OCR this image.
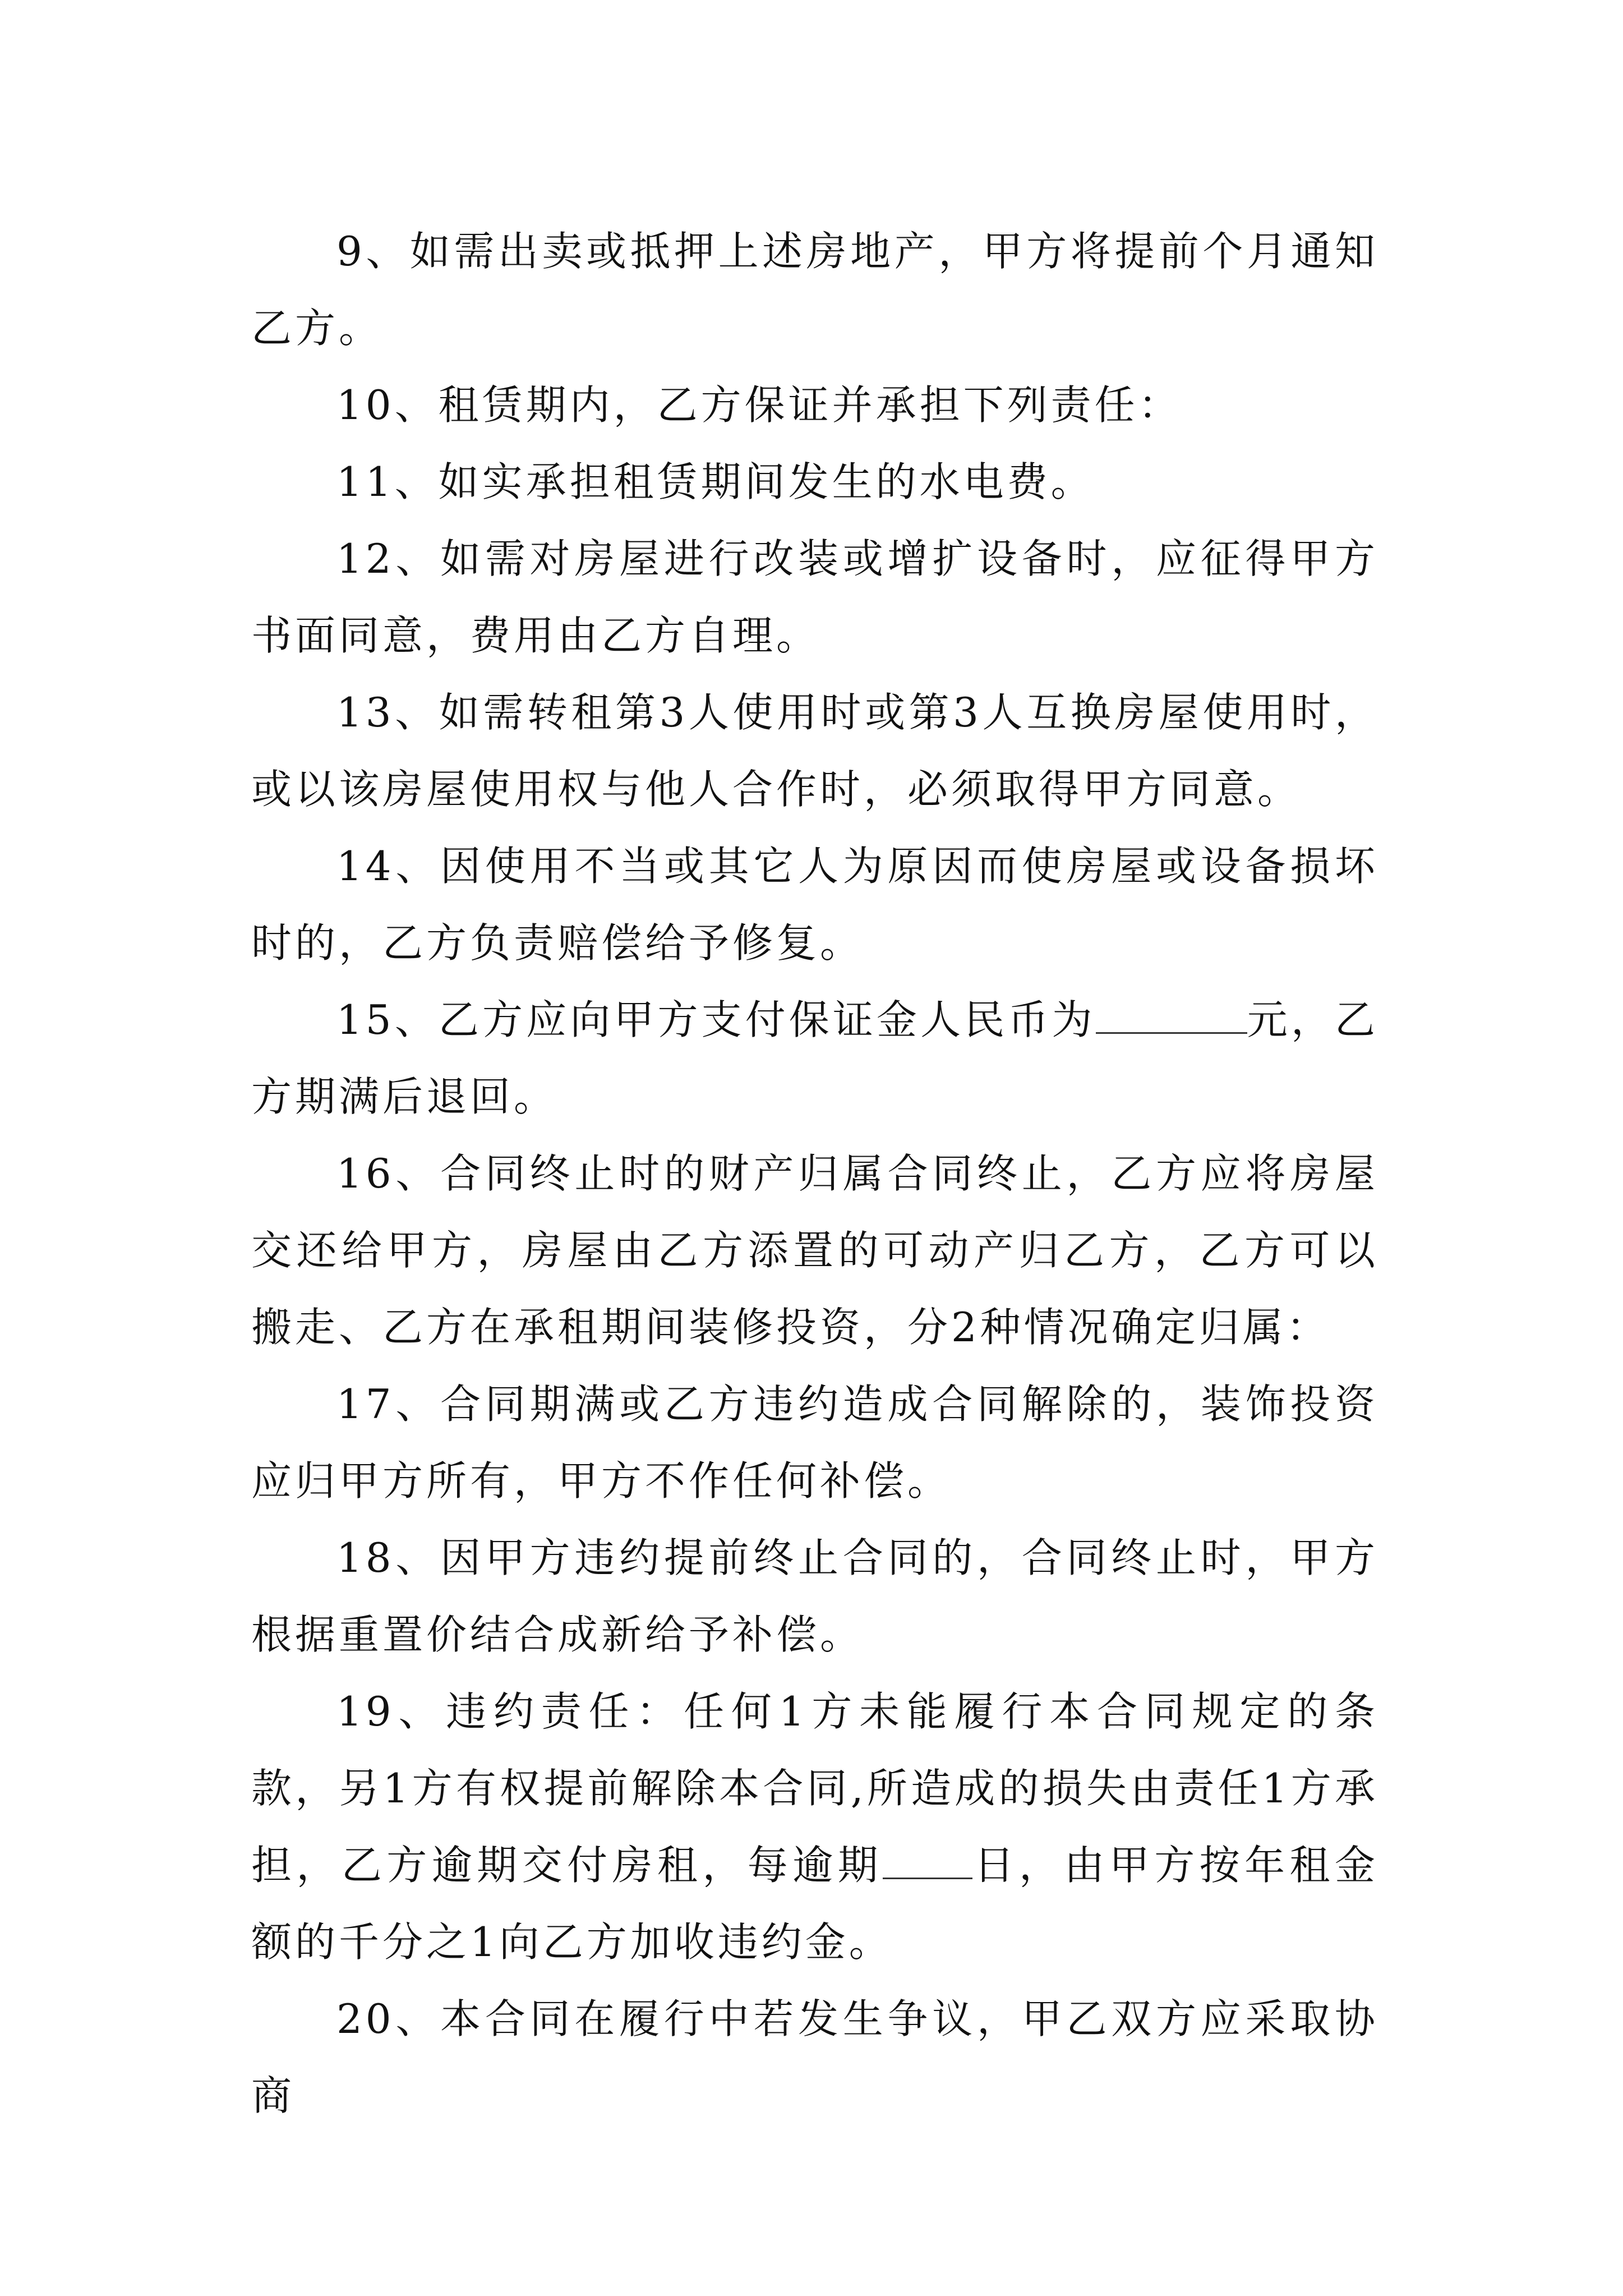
9、如需出卖或抵押上述房地产，甲方将提前个月通知乙方。

10、租赁期内，乙方保证并承担下列责任：

11、如实承担租赁期间发生的水电费。

12、如需对房屋进行改装或增扩设备时，应征得甲方书面同意，费用由乙方自理。

13、如需转租第3人使用时或第3人互换房屋使用时，或以该房屋使用权与他人合作时，必须取得甲方同意。

14、因使用不当或其它人为原因而使房屋或设备损坏时的，乙方负责赔偿给予修复。

15、乙方应向甲方支付保证金人民币为	元，乙方期满后退回。

16、合同终止时的财产归属合同终止，乙方应将房屋交还给甲方，房屋由乙方添置的可动产归乙方，乙方可以搬走、乙方在承租期间装修投资，分2种情况确定归属：

17、合同期满或乙方违约造成合同解除的，装饰投资应归甲方所有，甲方不作任何补偿。

18、因甲方违约提前终止合同的，合同终止时，甲方根据重置价结合成新给予补偿。

19、违约责任：任何1方未能履行本合同规定的条款，另1方有权提前解除本合同,所造成的损失由责任1方承担，乙方逾期交付房租，每逾期 日，由甲方按年租金额的千分之1向乙方加收违约金。

20、本合同在履行中若发生争议，甲乙双方应采取协商
